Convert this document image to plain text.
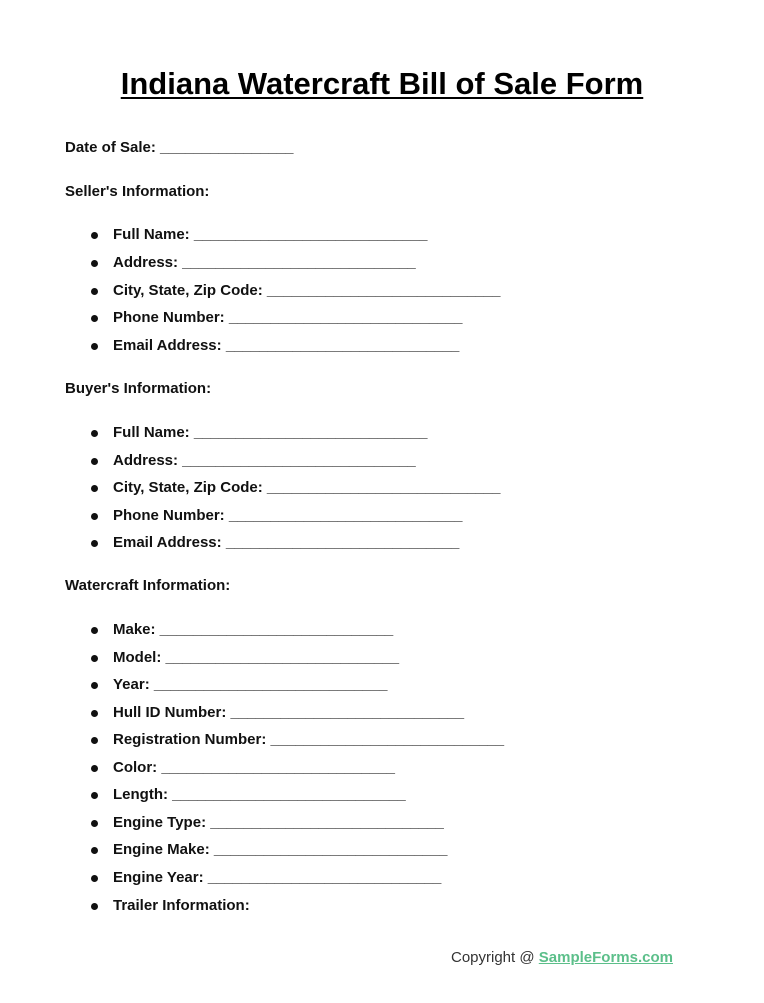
Indiana Watercraft Bill of Sale Form
Date of Sale: ________________
Seller's Information:
Full Name: ____________________________
Address: ____________________________
City, State, Zip Code: ____________________________
Phone Number: ____________________________
Email Address: ____________________________
Buyer's Information:
Full Name: ____________________________
Address: ____________________________
City, State, Zip Code: ____________________________
Phone Number: ____________________________
Email Address: ____________________________
Watercraft Information:
Make: ____________________________
Model: ____________________________
Year: ____________________________
Hull ID Number: ____________________________
Registration Number: ____________________________
Color: ____________________________
Length: ____________________________
Engine Type: ____________________________
Engine Make: ____________________________
Engine Year: ____________________________
Trailer Information:
Copyright @ SampleForms.com
